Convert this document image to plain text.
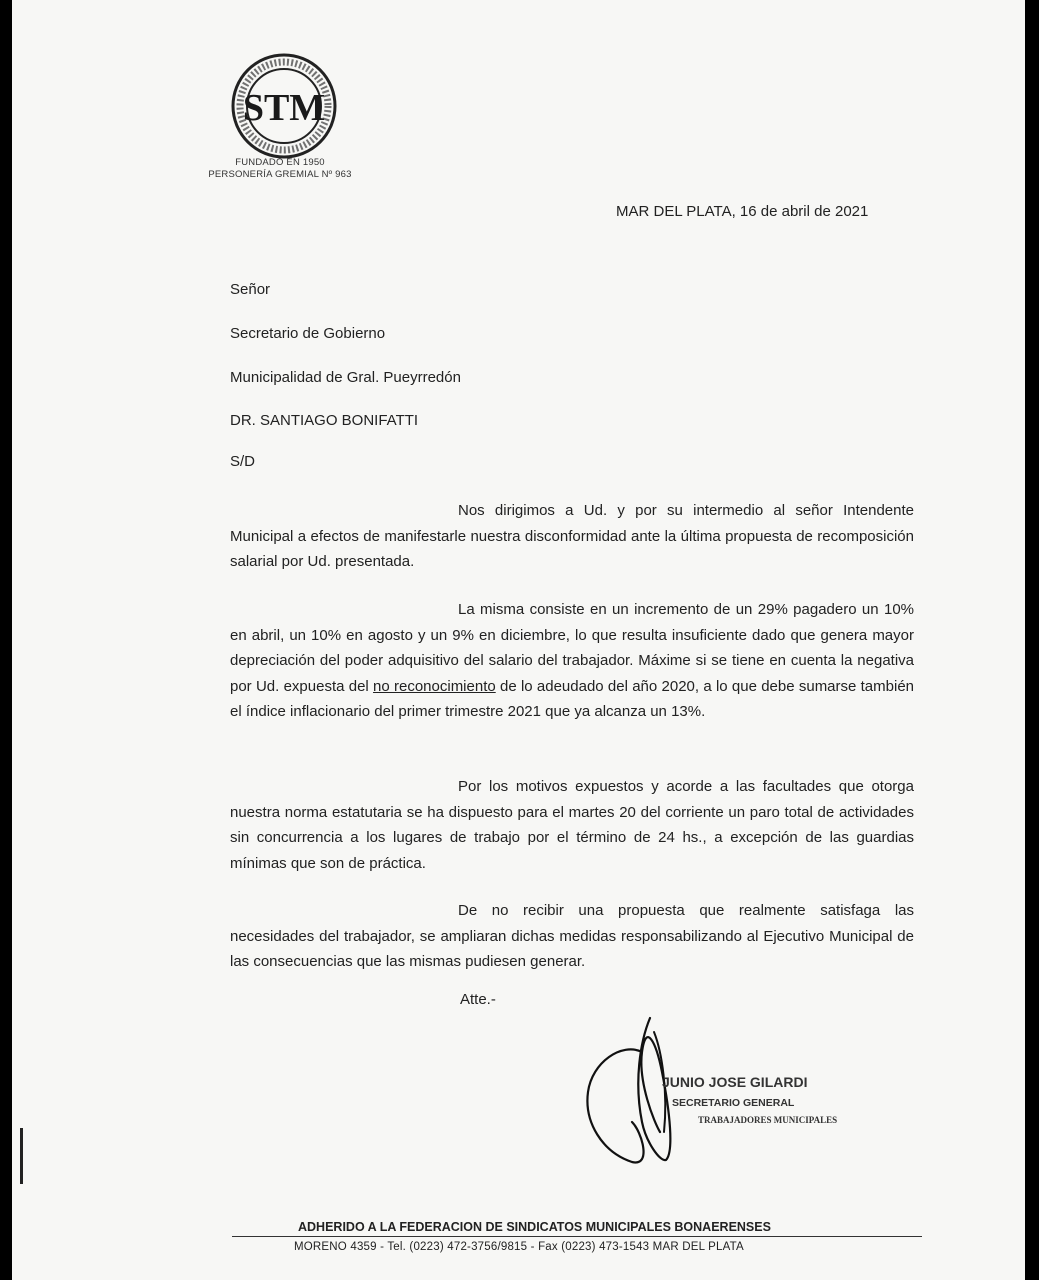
STM
FUNDADO EN 1950
PERSONERÍA GREMIAL Nº 963
MAR DEL PLATA, 16 de abril de 2021
Señor
Secretario de Gobierno
Municipalidad de Gral. Pueyrredón
DR. SANTIAGO BONIFATTI
S/D

Nos dirigimos a Ud. y por su intermedio al señor Intendente Municipal a efectos de manifestarle nuestra disconformidad ante la última propuesta de recomposición salarial por Ud. presentada.

La misma consiste en un incremento de un 29% pagadero un 10% en abril, un 10% en agosto y un 9% en diciembre, lo que resulta insuficiente dado que genera mayor depreciación del poder adquisitivo del salario del trabajador. Máxime si se tiene en cuenta la negativa por Ud. expuesta del no reconocimiento de lo adeudado del año 2020, a lo que debe sumarse también el índice inflacionario del primer trimestre 2021 que ya alcanza un 13%.

Por los motivos expuestos y acorde a las facultades que otorga nuestra norma estatutaria se ha dispuesto para el martes 20 del corriente un paro total de actividades sin concurrencia a los lugares de trabajo por el término de 24 hs., a excepción de las guardias mínimas que son de práctica.

De no recibir una propuesta que realmente satisfaga las necesidades del trabajador, se ampliaran dichas medidas responsabilizando al Ejecutivo Municipal de las consecuencias que las mismas pudiesen generar.

Atte.-
JUNIO JOSE GILARDI
SECRETARIO GENERAL
TRABAJADORES MUNICIPALES
ADHERIDO A LA FEDERACION DE SINDICATOS MUNICIPALES BONAERENSES
MORENO 4359 - Tel. (0223) 472-3756/9815 - Fax (0223) 473-1543 MAR DEL PLATA
